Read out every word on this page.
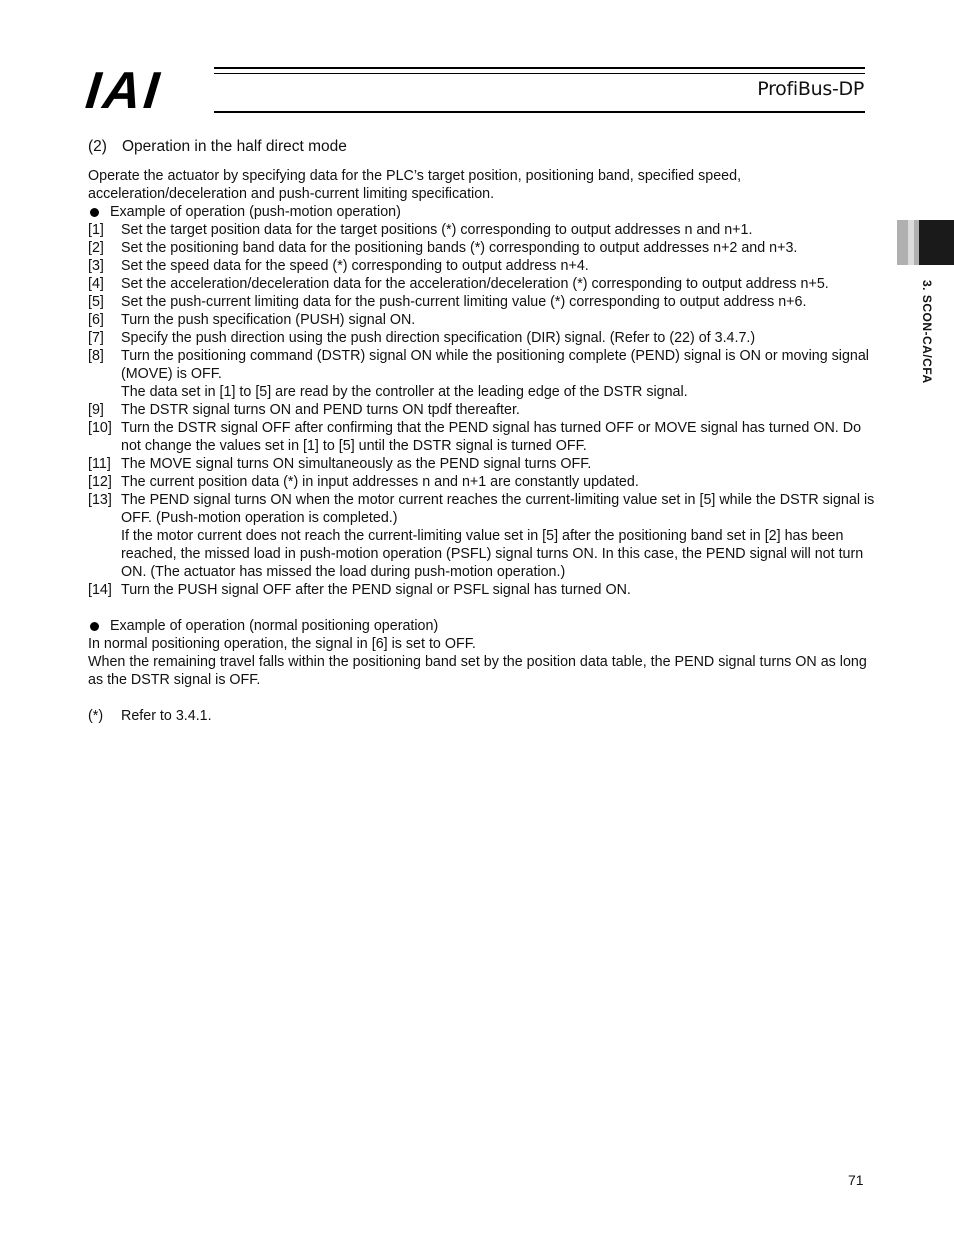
IAI	ProfiBus-DP
3. SCON-CA/CFA
(2) Operation in the half direct mode

Operate the actuator by specifying data for the PLC’s target position, positioning band, specified speed, acceleration/deceleration and push-current limiting specification.

Example of operation (push-motion operation)
[1]	Set the target position data for the target positions (*) corresponding to output addresses n and n+1.
[2]	Set the positioning band data for the positioning bands (*) corresponding to output addresses n+2 and n+3.
[3]	Set the speed data for the speed (*) corresponding to output address n+4.
[4]	Set the acceleration/deceleration data for the acceleration/deceleration (*) corresponding to output address n+5.
[5]	Set the push-current limiting data for the push-current limiting value (*) corresponding to output address n+6.
[6]	Turn the push specification (PUSH) signal ON.
[7]	Specify the push direction using the push direction specification (DIR) signal. (Refer to (22) of 3.4.7.)
[8]	Turn the positioning command (DSTR) signal ON while the positioning complete (PEND) signal is ON or moving signal (MOVE) is OFF.
The data set in [1] to [5] are read by the controller at the leading edge of the DSTR signal.
[9]	The DSTR signal turns ON and PEND turns ON tpdf thereafter.
[10] Turn the DSTR signal OFF after confirming that the PEND signal has turned OFF or MOVE signal has turned ON. Do not change the values set in [1] to [5] until the DSTR signal is turned OFF.
[11] The MOVE signal turns ON simultaneously as the PEND signal turns OFF.
[12] The current position data (*) in input addresses n and n+1 are constantly updated.
[13] The PEND signal turns ON when the motor current reaches the current-limiting value set in [5] while the DSTR signal is OFF. (Push-motion operation is completed.)
If the motor current does not reach the current-limiting value set in [5] after the positioning band set in [2] has been reached, the missed load in push-motion operation (PSFL) signal turns ON. In this case, the PEND signal will not turn ON. (The actuator has missed the load during push-motion operation.)
[14] Turn the PUSH signal OFF after the PEND signal or PSFL signal has turned ON.
Example of operation (normal positioning operation)

In normal positioning operation, the signal in [6] is set to OFF.

When the remaining travel falls within the positioning band set by the position data table, the PEND signal turns ON as long as the DSTR signal is OFF.

(*)	Refer to 3.4.1.
71
